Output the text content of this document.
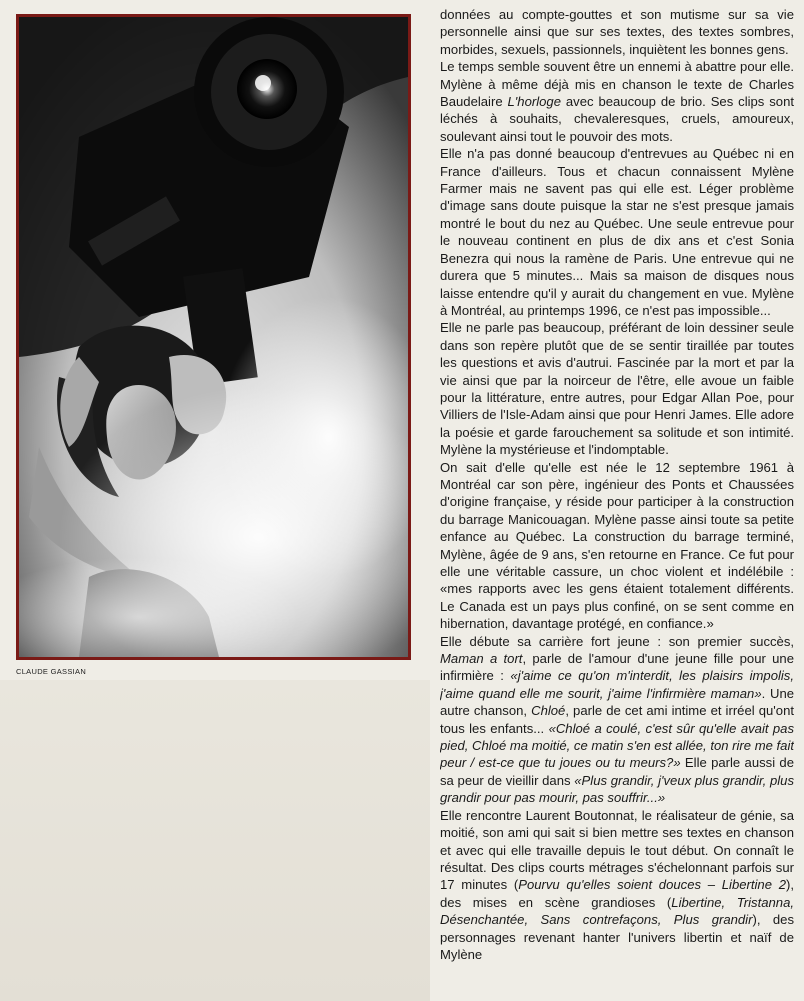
CLAUDE GASSIAN

données au compte-gouttes et son mutisme sur sa vie personnelle ainsi que sur ses textes, des textes sombres, morbides, sexuels, passionnels, inquiètent les bonnes gens.

Le temps semble souvent être un ennemi à abattre pour elle. Mylène à même déjà mis en chanson le texte de Charles Baudelaire L'horloge avec beaucoup de brio. Ses clips sont léchés à souhaits, chevaleresques, cruels, amoureux, soulevant ainsi tout le pouvoir des mots.

Elle n'a pas donné beaucoup d'entrevues au Québec ni en France d'ailleurs. Tous et chacun connaissent Mylène Farmer mais ne savent pas qui elle est. Léger problème d'image sans doute puisque la star ne s'est presque jamais montré le bout du nez au Québec. Une seule entrevue pour le nouveau continent en plus de dix ans et c'est Sonia Benezra qui nous la ramène de Paris. Une entrevue qui ne durera que 5 minutes... Mais sa maison de disques nous laisse entendre qu'il y aurait du changement en vue. Mylène à Montréal, au printemps 1996, ce n'est pas impossible...

Elle ne parle pas beaucoup, préférant de loin dessiner seule dans son repère plutôt que de se sentir tiraillée par toutes les questions et avis d'autrui. Fascinée par la mort et par la vie ainsi que par la noirceur de l'être, elle avoue un faible pour la littérature, entre autres, pour Edgar Allan Poe, pour Villiers de l'Isle-Adam ainsi que pour Henri James. Elle adore la poésie et garde farouchement sa solitude et son intimité. Mylène la mystérieuse et l'indomptable.

On sait d'elle qu'elle est née le 12 septembre 1961 à Montréal car son père, ingénieur des Ponts et Chaussées d'origine française, y réside pour participer à la construction du barrage Manicouagan. Mylène passe ainsi toute sa petite enfance au Québec. La construction du barrage terminé, Mylène, âgée de 9 ans, s'en retourne en France. Ce fut pour elle une véritable cassure, un choc violent et indélébile : «mes rapports avec les gens étaient totalement différents. Le Canada est un pays plus confiné, on se sent comme en hibernation, davantage protégé, en confiance.»

Elle débute sa carrière fort jeune : son premier succès, Maman a tort, parle de l'amour d'une jeune fille pour une infirmière : «j'aime ce qu'on m'interdit, les plaisirs impolis, j'aime quand elle me sourit, j'aime l'infirmière maman». Une autre chanson, Chloé, parle de cet ami intime et irréel qu'ont tous les enfants... «Chloé a coulé, c'est sûr qu'elle avait pas pied, Chloé ma moitié, ce matin s'en est allée, ton rire me fait peur / est-ce que tu joues ou tu meurs?» Elle parle aussi de sa peur de vieillir dans «Plus grandir, j'veux plus grandir, plus grandir pour pas mourir, pas souffrir...»

Elle rencontre Laurent Boutonnat, le réalisateur de génie, sa moitié, son ami qui sait si bien mettre ses textes en chanson et avec qui elle travaille depuis le tout début. On connaît le résultat. Des clips courts métrages s'échelonnant parfois sur 17 minutes (Pourvu qu'elles soient douces – Libertine 2), des mises en scène grandioses (Libertine, Tristanna, Désenchantée, Sans contrefaçons, Plus grandir), des personnages revenant hanter l'univers libertin et naïf de Mylène
